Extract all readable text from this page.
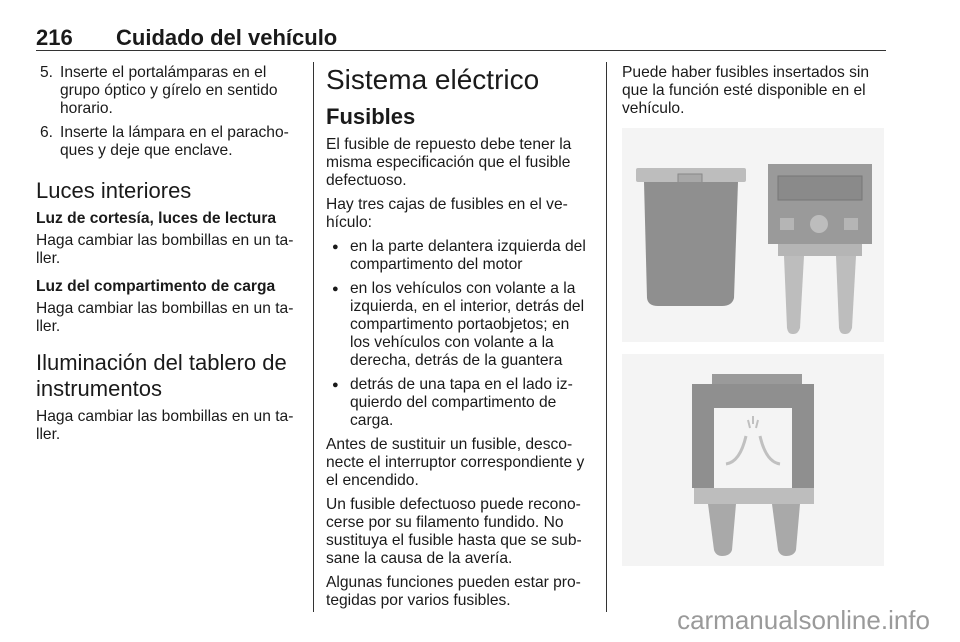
216 Cuidado del vehículo
5. Inserte el portalámparas en el grupo óptico y gírelo en sentido horario.
6. Inserte la lámpara en el paracho-ques y deje que enclave.
Luces interiores
Luz de cortesía, luces de lectura

Haga cambiar las bombillas en un ta-ller.

Luz del compartimento de carga

Haga cambiar las bombillas en un ta-ller.

Iluminación del tablero de instrumentos

Haga cambiar las bombillas en un ta-ller.

Sistema eléctrico
Fusibles

El fusible de repuesto debe tener la misma especificación que el fusible defectuoso.

Hay tres cajas de fusibles en el ve-hículo:

● en la parte delantera izquierda del compartimento del motor
● en los vehículos con volante a la izquierda, en el interior, detrás del compartimento portaobjetos; en los vehículos con volante a la derecha, detrás de la guantera
● detrás de una tapa en el lado iz-quierdo del compartimento de carga.

Antes de sustituir un fusible, desco-necte el interruptor correspondiente y el encendido.

Un fusible defectuoso puede recono-cerse por su filamento fundido. No sustituya el fusible hasta que se sub-sane la causa de la avería.

Algunas funciones pueden estar pro-tegidas por varios fusibles.

Puede haber fusibles insertados sin que la función esté disponible en el vehículo.

carmanualsonline.info
